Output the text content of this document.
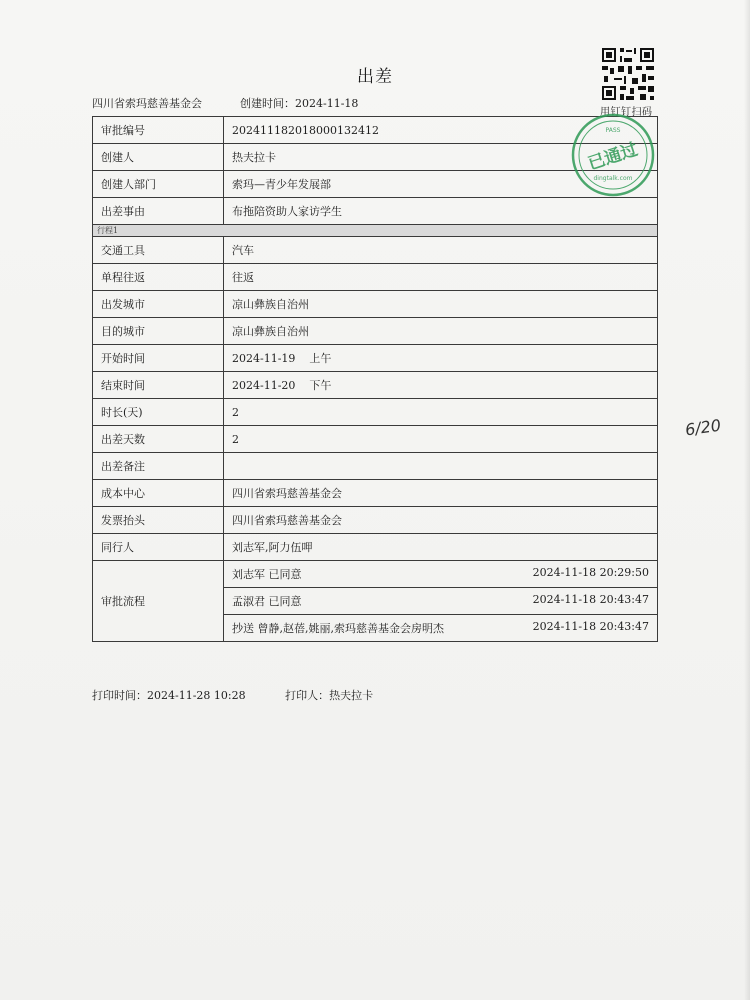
出差
四川省索玛慈善基金会	创建时间：2024-11-18
用钉钉扫码
审批编号	202411182018000132412
创建人	热夫拉卡
创建人部门	索玛—青少年发展部
出差事由	布拖陪资助人家访学生
行程1	
交通工具	汽车
单程往返	往返
出发城市	凉山彝族自治州
目的城市	凉山彝族自治州
开始时间	2024-11-19    上午
结束时间	2024-11-20    下午
时长(天)	2
出差天数	2
出差备注	
成本中心	四川省索玛慈善基金会
发票抬头	四川省索玛慈善基金会
同行人	刘志军,阿力伍呷
审批流程	刘志军 已同意 2024-11-18 20:29:50

	孟淑君 已同意 2024-11-18 20:43:47

	抄送 曾静,赵蓓,姚丽,索玛慈善基金会房明杰 2024-11-18 20:43:47
PASS
已通过
dingtalk.com
打印时间：2024-11-28 10:28	打印人：热夫拉卡
6/20
